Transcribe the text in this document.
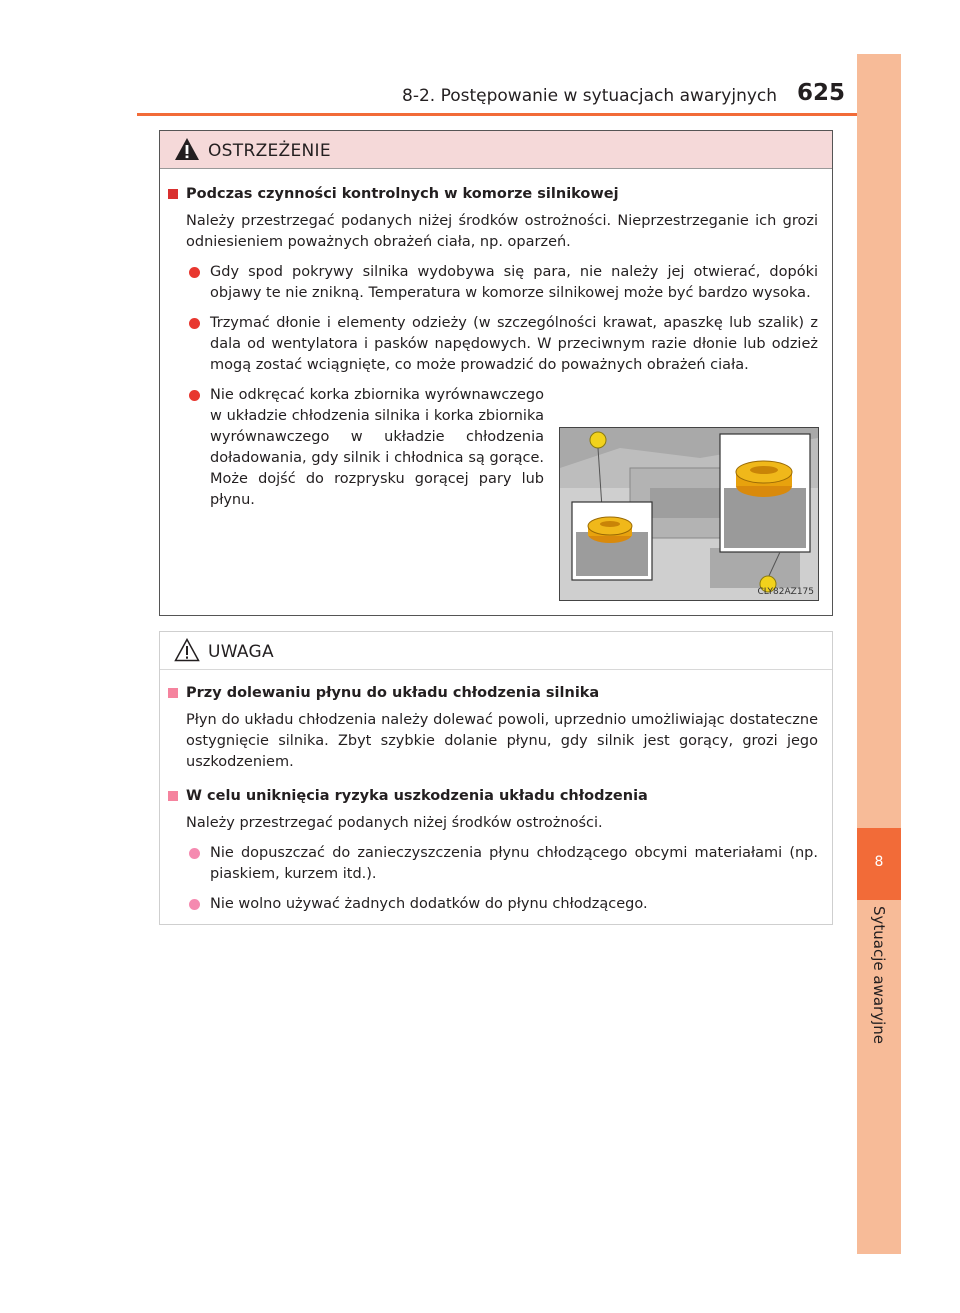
8-2. Postępowanie w sytuacjach awaryjnych 625
8
Sytuacje awaryjne
OSTRZEŻENIE
Podczas czynności kontrolnych w komorze silnikowej

Należy przestrzegać podanych niżej środków ostrożności. Nieprzestrzeganie ich grozi odniesieniem poważnych obrażeń ciała, np. oparzeń.

Gdy spod pokrywy silnika wydobywa się para, nie należy jej otwierać, dopóki objawy te nie znikną. Temperatura w komorze silnikowej może być bardzo wysoka.
Trzymać dłonie i elementy odzieży (w szczególności krawat, apaszkę lub szalik) z dala od wentylatora i pasków napędowych. W przeciwnym razie dłonie lub odzież mogą zostać wciągnięte, co może prowadzić do poważnych obrażeń ciała.
Nie odkręcać korka zbiornika wyrównawczego w układzie chłodzenia silnika i korka zbiornika wyrównawczego w układzie chłodzenia doładowania, gdy silnik i chłodnica są gorące. Może dojść do rozprysku gorącej pary lub płynu.
CLY82AZ175
UWAGA
Przy dolewaniu płynu do układu chłodzenia silnika

Płyn do układu chłodzenia należy dolewać powoli, uprzednio umożliwiając dostateczne ostygnięcie silnika. Zbyt szybkie dolanie płynu, gdy silnik jest gorący, grozi jego uszkodzeniem.

W celu uniknięcia ryzyka uszkodzenia układu chłodzenia

Należy przestrzegać podanych niżej środków ostrożności.

Nie dopuszczać do zanieczyszczenia płynu chłodzącego obcymi materiałami (np. piaskiem, kurzem itd.).
Nie wolno używać żadnych dodatków do płynu chłodzącego.
